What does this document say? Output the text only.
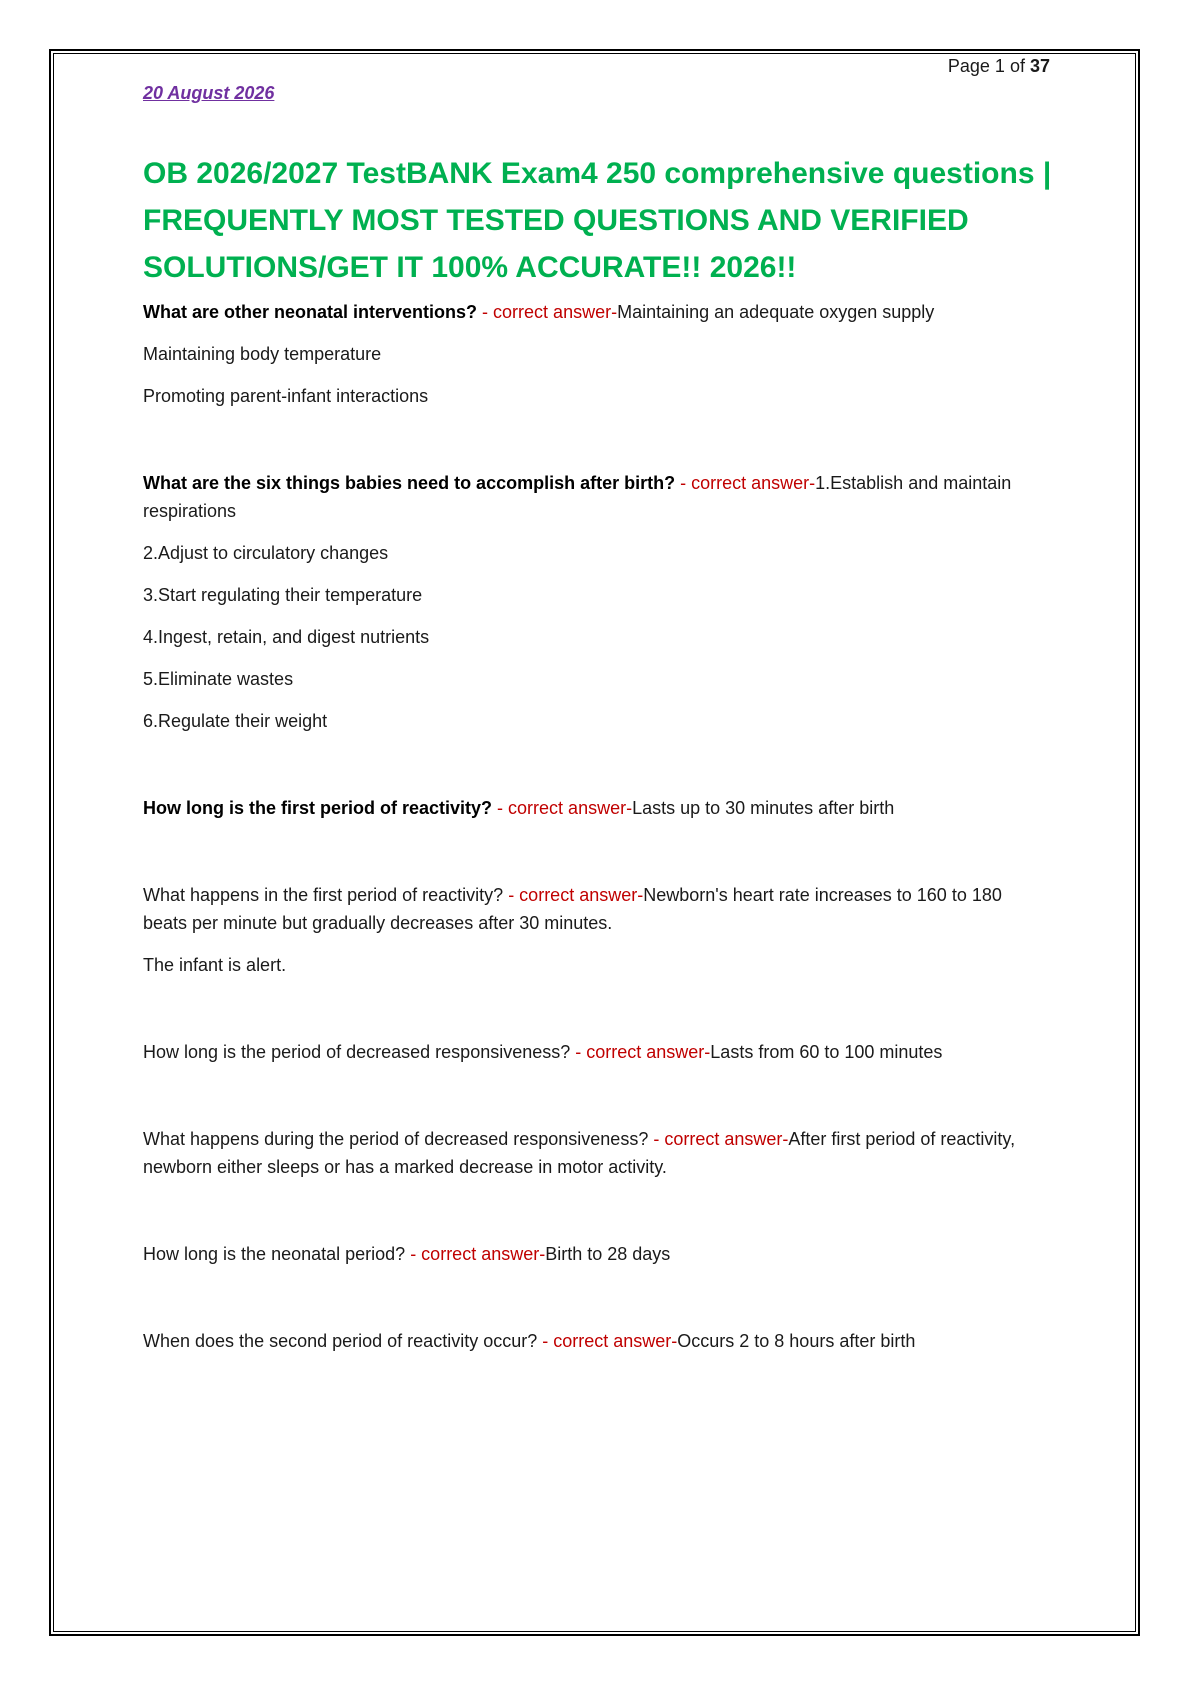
Page 1 of 37
20 August 2026
OB 2026/2027 TestBANK Exam4 250 comprehensive questions | FREQUENTLY MOST TESTED QUESTIONS AND VERIFIED SOLUTIONS/GET IT 100% ACCURATE!! 2026!!

What are other neonatal interventions? - correct answer-Maintaining an adequate oxygen supply

Maintaining body temperature

Promoting parent-infant interactions

What are the six things babies need to accomplish after birth? - correct answer-1.Establish and maintain respirations

2.Adjust to circulatory changes

3.Start regulating their temperature

4.Ingest, retain, and digest nutrients

5.Eliminate wastes

6.Regulate their weight

How long is the first period of reactivity? - correct answer-Lasts up to 30 minutes after birth

What happens in the first period of reactivity? - correct answer-Newborn's heart rate increases to 160 to 180 beats per minute but gradually decreases after 30 minutes.

The infant is alert.

How long is the period of decreased responsiveness? - correct answer-Lasts from 60 to 100 minutes

What happens during the period of decreased responsiveness? - correct answer-After first period of reactivity, newborn either sleeps or has a marked decrease in motor activity.

How long is the neonatal period? - correct answer-Birth to 28 days

When does the second period of reactivity occur? - correct answer-Occurs 2 to 8 hours after birth
